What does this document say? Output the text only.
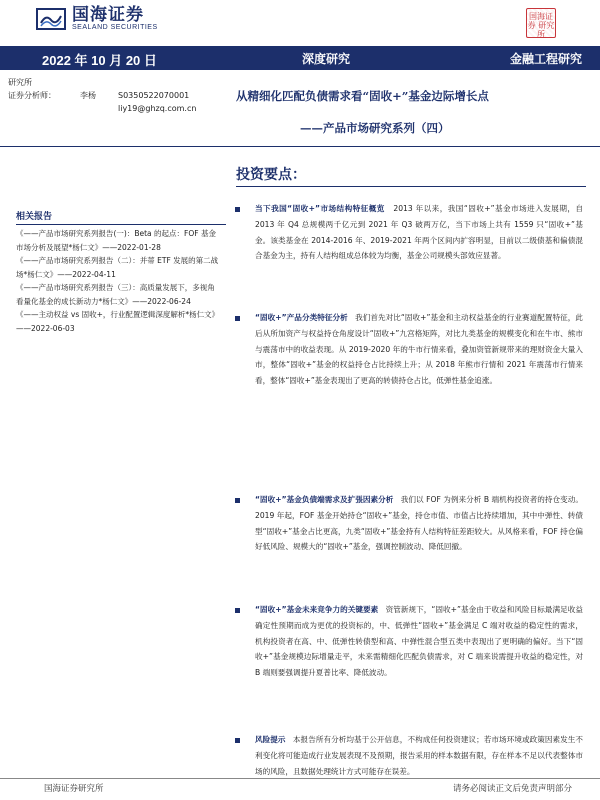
国海证券
SEALAND SECURITIES
国海证券 研究所
2022 年 10 月 20 日	深度研究	金融工程研究
研究所
证券分析师：	李杨	S0350522070001
liy19@ghzq.com.cn
从精细化匹配负债需求看“固收+”基金边际增长点
——产品市场研究系列（四）
相关报告
《——产品市场研究系列报告(一)：Beta 的起点：FOF 基金市场分析及展望*杨仁文》——2022-01-28
《——产品市场研究系列报告（二）：并蒂 ETF 发展的第二战场*杨仁文》——2022-04-11
《——产品市场研究系列报告（三）：高质量发展下，多视角看量化基金的成长新动力*杨仁文》——2022-06-24
《——主动权益 vs 固收+，行业配置逻辑深度解析*杨仁文》——2022-06-03
投资要点：
当下我国“固收+”市场结构特征概览 2013 年以来，我国“固收+”基金市场进入发展期，自 2013 年 Q4 总规模两千亿元到 2021 年 Q3 破两万亿，当下市场上共有 1559 只“固收+”基金。该类基金在 2014-2016 年、2019-2021 年两个区间内扩容明显，目前以二级债基和偏债混合基金为主，持有人结构组成总体较为均衡，基金公司规模头部效应显著。
“固收+”产品分类特征分析 我们首先对比“固收+”基金和主动权益基金的行业赛道配置特征，此后从所加资产与权益持仓角度设计“固收+”九宫格矩阵，对比九类基金的规模变化和在牛市、熊市与震荡市中的收益表现。从 2019-2020 年的牛市行情来看，叠加资管新规带来的理财资金大量入市，整体“固收+”基金的权益持仓占比持续上升；从 2018 年熊市行情和 2021 年震荡市行情来看，整体“固收+”基金表现出了更高的转债持仓占比，低弹性基金追涨。
“固收+”基金负债端需求及扩張因素分析 我们以 FOF 为例来分析 B 端机构投资者的持仓变动。2019 年起，FOF 基金开始持仓“固收+”基金，持仓市值、市值占比持续增加，其中中弹性、转债型“固收+”基金占比更高，九类“固收+”基金持有人结构特征差距较大。从风格来看，FOF 持仓偏好低风险、规模大的“固收+”基金，强调控制波动、降低回撤。
“固收+”基金未来竞争力的关键要素 资管新规下，“固收+”基金由于收益和风险目标最满足收益确定性预期而成为更优的投资标的，中、低弹性“固收+”基金满足 C 端对收益的稳定性的需求，机构投资者在高、中、低弹性转债型和高、中弹性混合型五类中表现出了更明确的偏好。当下“固收+”基金规模边际增量走平，未来需精细化匹配负债需求，对 C 端来说需提升收益的稳定性，对 B 端则要强调提升夏普比率、降低波动。
风险提示 本报告所有分析均基于公开信息，不构成任何投资建议；若市场环境或政策因素发生不利变化将可能造成行业发展表现不及预期，报告采用的样本数据有限，存在样本不足以代表整体市场的风险，且数据处理统计方式可能存在误差。
国海证券研究所	请务必阅读正文后免责声明部分
